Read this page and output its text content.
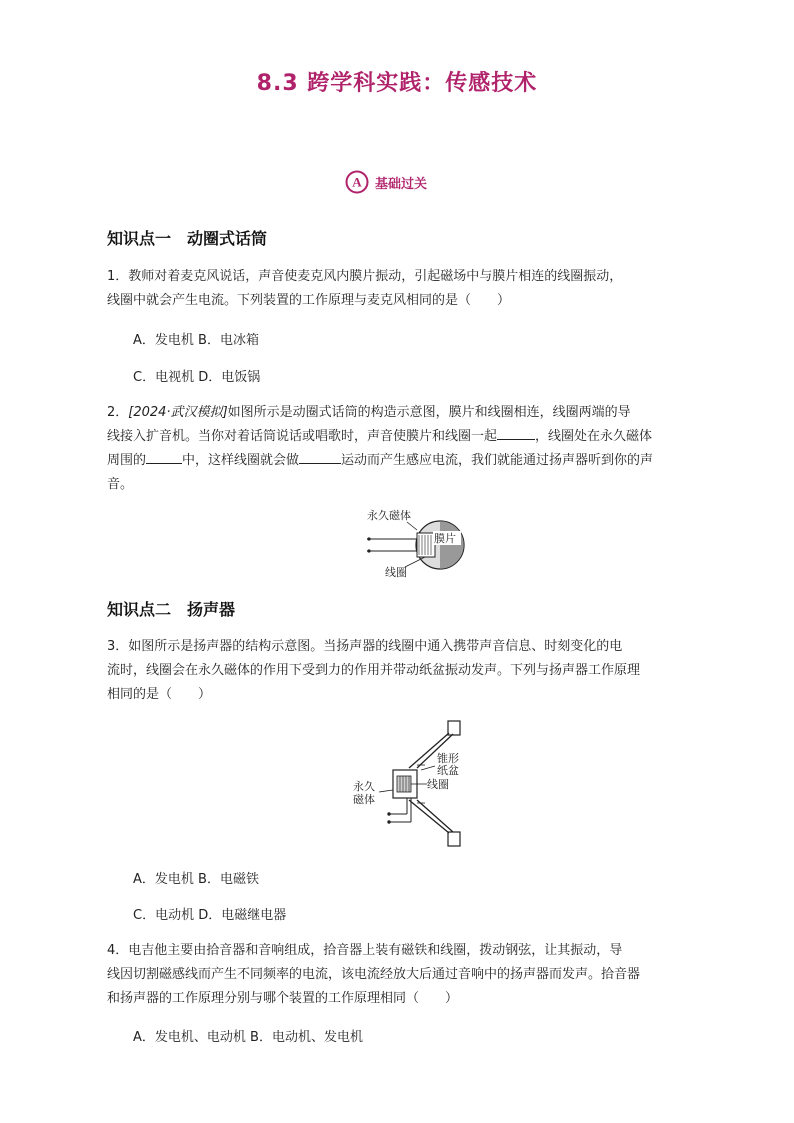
8.3 跨学科实践：传感技术
A 基础过关
知识点一　动圈式话筒
1．教师对着麦克风说话，声音使麦克风内膜片振动，引起磁场中与膜片相连的线圈振动，
线圈中就会产生电流。下列装置的工作原理与麦克风相同的是（　　）
A．发电机 B．电冰箱
C．电视机 D．电饭锅
2．[2024·武汉模拟]如图所示是动圈式话筒的构造示意图，膜片和线圈相连，线圈两端的导
线接入扩音机。当你对着话筒说话或唱歌时，声音使膜片和线圈一起	，线圈处在永久磁体
周围的	中，这样线圈就会做	运动而产生感应电流，我们就能通过扬声器听到你的声
音。
永久磁体
膜片
线圈
知识点二　扬声器
3．如图所示是扬声器的结构示意图。当扬声器的线圈中通入携带声音信息、时刻变化的电
流时，线圈会在永久磁体的作用下受到力的作用并带动纸盆振动发声。下列与扬声器工作原理
相同的是（　　）
锥形
纸盆
线圈
永久
磁体
A．发电机 B．电磁铁
C．电动机 D．电磁继电器
4．电吉他主要由拾音器和音响组成，拾音器上装有磁铁和线圈，拨动钢弦，让其振动，导
线因切割磁感线而产生不同频率的电流，该电流经放大后通过音响中的扬声器而发声。拾音器
和扬声器的工作原理分别与哪个装置的工作原理相同（　　）
A．发电机、电动机 B．电动机、发电机
